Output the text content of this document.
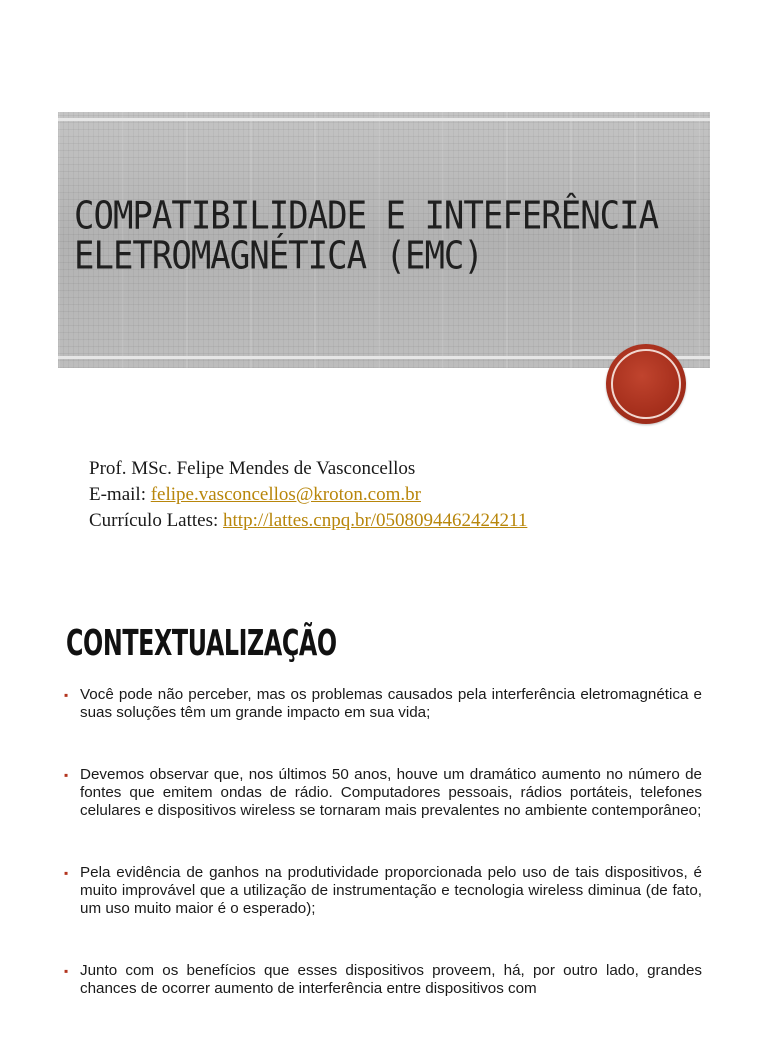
COMPATIBILIDADE E INTEFERÊNCIA
ELETROMAGNÉTICA (EMC)
Prof. MSc. Felipe Mendes de Vasconcellos
E-mail: felipe.vasconcellos@kroton.com.br
Currículo Lattes: http://lattes.cnpq.br/0508094462424211
CONTEXTUALIZAÇÃO
▪ Você pode não perceber, mas os problemas causados pela interferência eletromagnética e suas soluções têm um grande impacto em sua vida;
▪ Devemos observar que, nos últimos 50 anos, houve um dramático aumento no número de fontes que emitem ondas de rádio. Computadores pessoais, rádios portáteis, telefones celulares e dispositivos wireless se tornaram mais prevalentes no ambiente contemporâneo;
▪ Pela evidência de ganhos na produtividade proporcionada pelo uso de tais dispositivos, é muito improvável que a utilização de instrumentação e tecnologia wireless diminua (de fato, um uso muito maior é o esperado);
▪ Junto com os benefícios que esses dispositivos proveem, há, por outro lado, grandes chances de ocorrer aumento de interferência entre dispositivos com
